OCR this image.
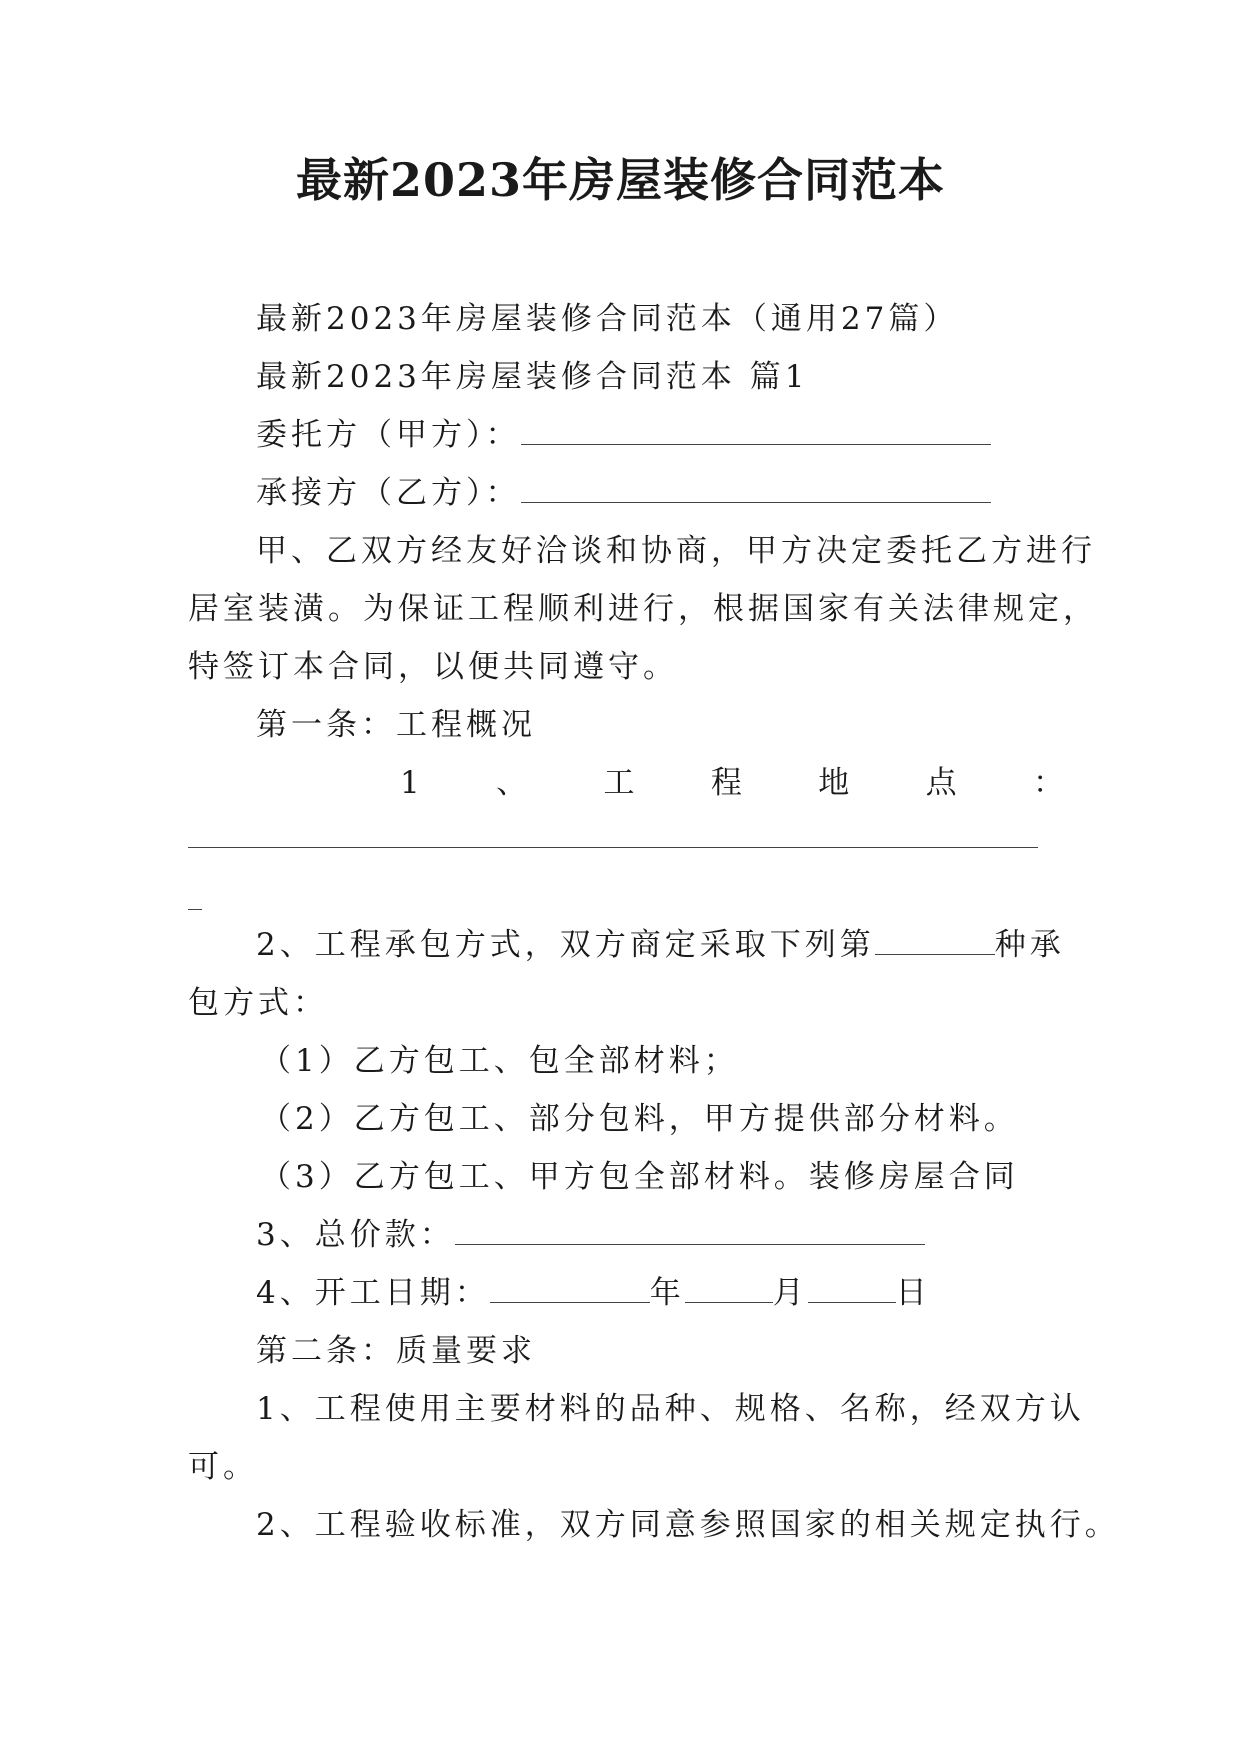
最新2023年房屋装修合同范本
最新2023年房屋装修合同范本（通用27篇）
最新2023年房屋装修合同范本 篇1
委托方（甲方）：
承接方（乙方）：
甲、乙双方经友好洽谈和协商，甲方决定委托乙方进行
居室装潢。为保证工程顺利进行，根据国家有关法律规定，
特签订本合同，以便共同遵守。
第一条：工程概况
1 、 工 程 地 点 ：
2、工程承包方式，双方商定采取下列第	种承
包方式：
（1）乙方包工、包全部材料；
（2）乙方包工、部分包料，甲方提供部分材料。
（3）乙方包工、甲方包全部材料。装修房屋合同
3、总价款：
4、开工日期：	年	月	日
第二条：质量要求
1、工程使用主要材料的品种、规格、名称，经双方认
可。
2、工程验收标准，双方同意参照国家的相关规定执行。
